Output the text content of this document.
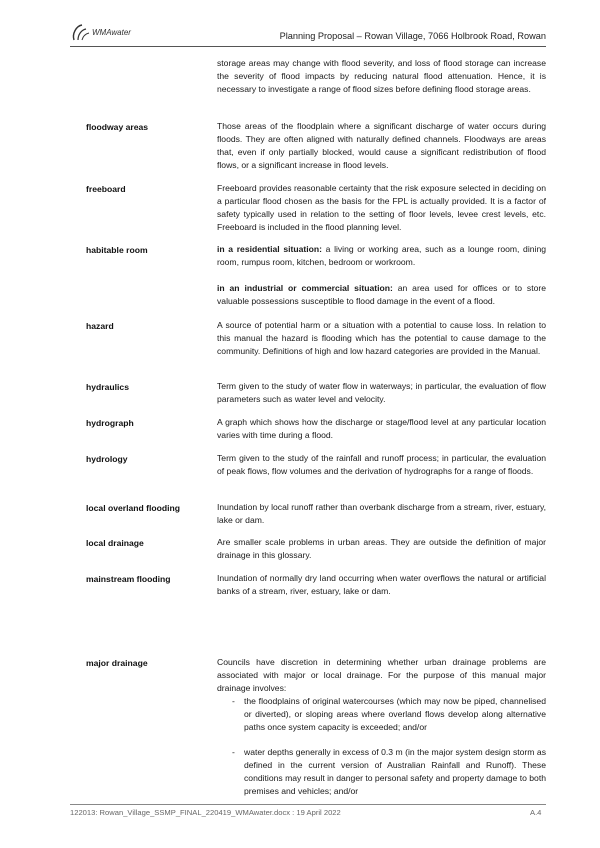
WMAwater	Planning Proposal – Rowan Village, 7066 Holbrook Road, Rowan
storage areas may change with flood severity, and loss of flood storage can increase the severity of flood impacts by reducing natural flood attenuation. Hence, it is necessary to investigate a range of flood sizes before defining flood storage areas.
floodway areas	Those areas of the floodplain where a significant discharge of water occurs during floods. They are often aligned with naturally defined channels. Floodways are areas that, even if only partially blocked, would cause a significant redistribution of flood flows, or a significant increase in flood levels.
freeboard	Freeboard provides reasonable certainty that the risk exposure selected in deciding on a particular flood chosen as the basis for the FPL is actually provided. It is a factor of safety typically used in relation to the setting of floor levels, levee crest levels, etc. Freeboard is included in the flood planning level.
habitable room	in a residential situation: a living or working area, such as a lounge room, dining room, rumpus room, kitchen, bedroom or workroom.
in an industrial or commercial situation: an area used for offices or to store valuable possessions susceptible to flood damage in the event of a flood.
hazard	A source of potential harm or a situation with a potential to cause loss. In relation to this manual the hazard is flooding which has the potential to cause damage to the community. Definitions of high and low hazard categories are provided in the Manual.
hydraulics	Term given to the study of water flow in waterways; in particular, the evaluation of flow parameters such as water level and velocity.
hydrograph	A graph which shows how the discharge or stage/flood level at any particular location varies with time during a flood.
hydrology	Term given to the study of the rainfall and runoff process; in particular, the evaluation of peak flows, flow volumes and the derivation of hydrographs for a range of floods.
local overland flooding	Inundation by local runoff rather than overbank discharge from a stream, river, estuary, lake or dam.
local drainage	Are smaller scale problems in urban areas. They are outside the definition of major drainage in this glossary.
mainstream flooding	Inundation of normally dry land occurring when water overflows the natural or artificial banks of a stream, river, estuary, lake or dam.
major drainage	Councils have discretion in determining whether urban drainage problems are associated with major or local drainage. For the purpose of this manual major drainage involves:
-	the floodplains of original watercourses (which may now be piped, channelised or diverted), or sloping areas where overland flows develop along alternative paths once system capacity is exceeded; and/or
-	water depths generally in excess of 0.3 m (in the major system design storm as defined in the current version of Australian Rainfall and Runoff). These conditions may result in danger to personal safety and property damage to both premises and vehicles; and/or
122013: Rowan_Village_SSMP_FINAL_220419_WMAwater.docx : 19 April 2022	A.4
